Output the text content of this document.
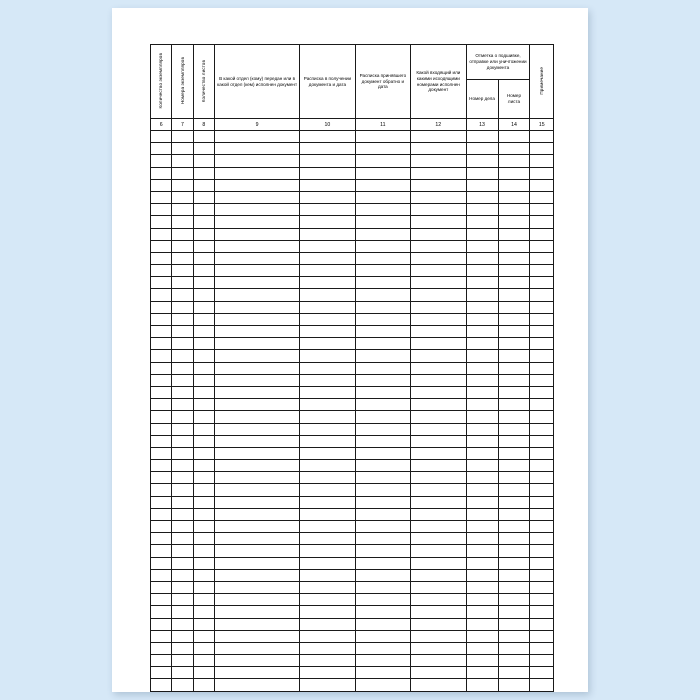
Количество экземпляров	Номера экземпляров	Количество листов	В какой отдел (кому) передан или в какой отдел (кем) исполнен документ	Расписка в получении документа и дата	Расписка принявшего документ обратно и дата	Какой входящий или какими исходящими номерами исполнен документ	Отметка о подшивке, отправке или уничтожении документа		Примечание

							Номер дела	Номер листа	

6	7	8	9	10	11	12	13	14	15
